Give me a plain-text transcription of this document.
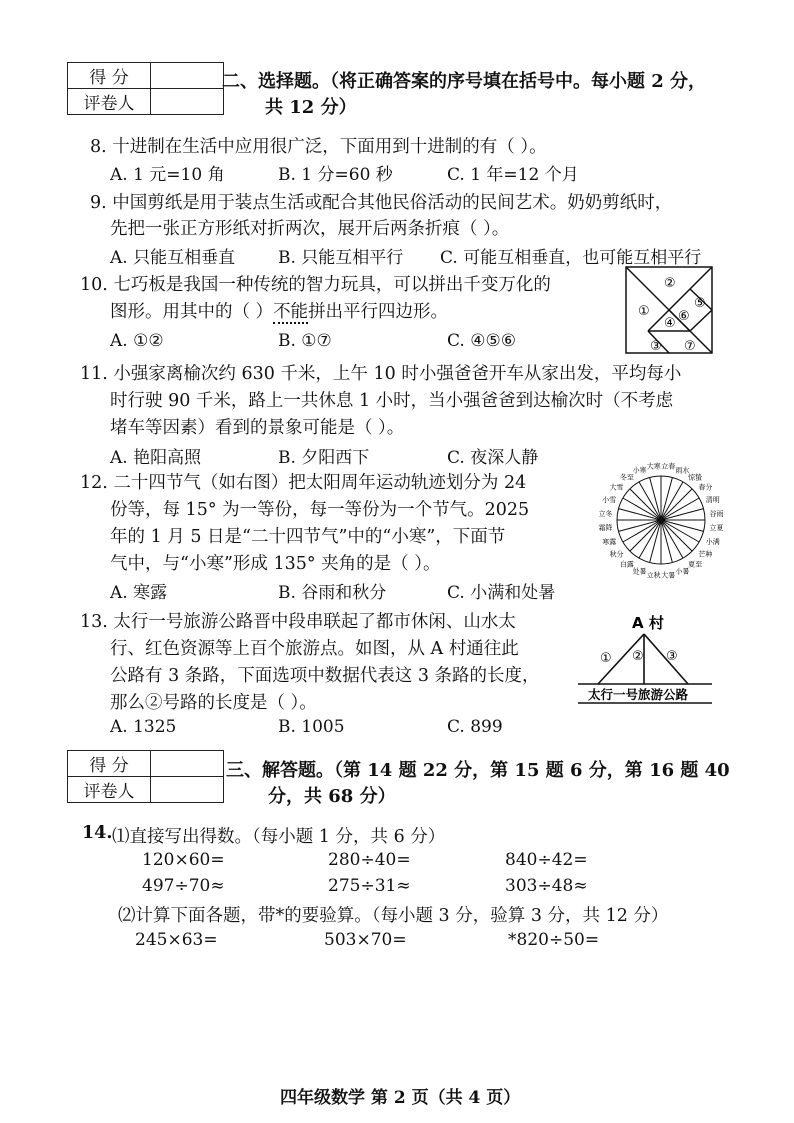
得 分	
评卷人	
二、选择题。（将正确答案的序号填在括号中。每小题 2 分，
共 12 分）
8. 十进制在生活中应用很广泛，下面用到十进制的有（ ）。
A. 1 元=10 角	B. 1 分=60 秒	C. 1 年=12 个月
9. 中国剪纸是用于装点生活或配合其他民俗活动的民间艺术。奶奶剪纸时，
先把一张正方形纸对折两次，展开后两条折痕（ ）。
A. 只能互相垂直	B. 只能互相平行 C. 可能互相垂直，也可能互相平行
10. 七巧板是我国一种传统的智力玩具，可以拼出千变万化的
图形。用其中的（ ）不能拼出平行四边形。
A. ①②	B. ①⑦	C. ④⑤⑥
①
②
③
④
⑤
⑥
⑦
11. 小强家离榆次约 630 千米，上午 10 时小强爸爸开车从家出发，平均每小
时行驶 90 千米，路上一共休息 1 小时，当小强爸爸到达榆次时（不考虑
堵车等因素）看到的景象可能是（ ）。
A. 艳阳高照	B. 夕阳西下	C. 夜深人静
12. 二十四节气（如右图）把太阳周年运动轨迹划分为 24
份等，每 15° 为一等份，每一等份为一个节气。2025
年的 1 月 5 日是“二十四节气”中的“小寒”，下面节
气中，与“小寒”形成 135° 夹角的是（ ）。
A. 寒露	B. 谷雨和秋分	C. 小满和处暑
立春 雨水
惊蛰
春分
清明
谷雨
立夏
小满
芒种
夏至
小暑
大暑
立秋
处暑
白露
秋分
寒露
霜降
立冬
小雪
大雪
冬至
小寒 大寒
13. 太行一号旅游公路晋中段串联起了都市休闲、山水太
行、红色资源等上百个旅游点。如图，从 A 村通往此
公路有 3 条路，下面选项中数据代表这 3 条路的长度，
那么②号路的长度是（ ）。
A. 1325	B. 1005	C. 899
A 村
① ② ③
太行一号旅游公路
得 分	
评卷人	
三、解答题。（第 14 题 22 分，第 15 题 6 分，第 16 题 40
分，共 68 分）
14. ⑴直接写出得数。（每小题 1 分，共 6 分）
120×60=	280÷40=	840÷42=
497÷70≈	275÷31≈	303÷48≈
⑵计算下面各题，带*的要验算。（每小题 3 分，验算 3 分，共 12 分）
245×63=	503×70=	*820÷50=
四年级数学 第 2 页（共 4 页）
